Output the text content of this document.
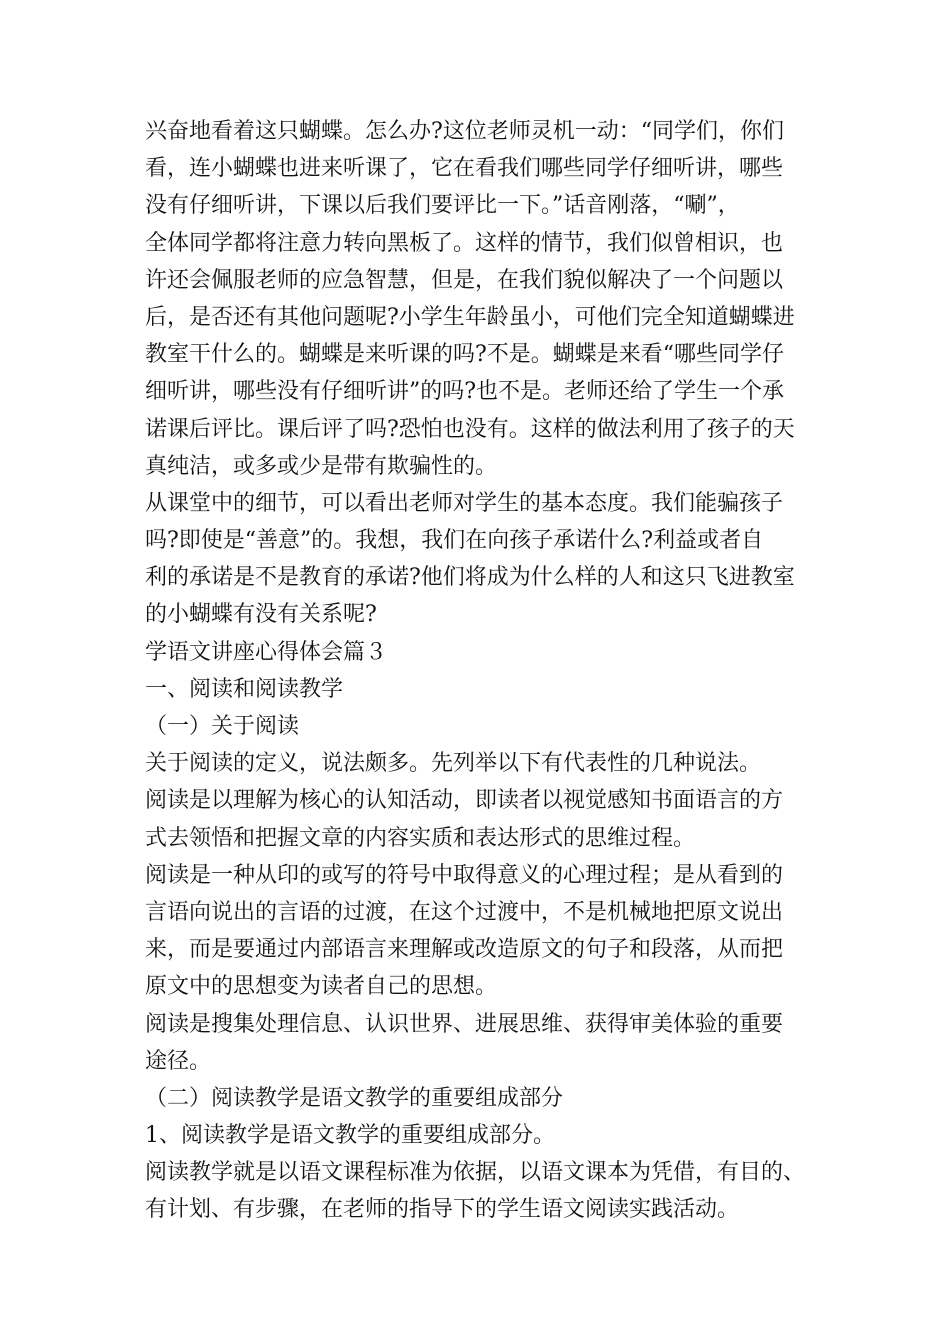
兴奋地看着这只蝴蝶。怎么办?这位老师灵机一动：“同学们，你们
看，连小蝴蝶也进来听课了，它在看我们哪些同学仔细听讲，哪些
没有仔细听讲，下课以后我们要评比一下。”话音刚落，“唰”，
全体同学都将注意力转向黑板了。这样的情节，我们似曾相识，也
许还会佩服老师的应急智慧，但是，在我们貌似解决了一个问题以
后，是否还有其他问题呢?小学生年龄虽小，可他们完全知道蝴蝶进
教室干什么的。蝴蝶是来听课的吗?不是。蝴蝶是来看“哪些同学仔
细听讲，哪些没有仔细听讲”的吗?也不是。老师还给了学生一个承
诺课后评比。课后评了吗?恐怕也没有。这样的做法利用了孩子的天
真纯洁，或多或少是带有欺骗性的。
从课堂中的细节，可以看出老师对学生的基本态度。我们能骗孩子
吗?即使是“善意”的。我想，我们在向孩子承诺什么?利益或者自
利的承诺是不是教育的承诺?他们将成为什么样的人和这只飞进教室
的小蝴蝶有没有关系呢?
学语文讲座心得体会篇３
一、阅读和阅读教学
（一）关于阅读
关于阅读的定义，说法颇多。先列举以下有代表性的几种说法。
阅读是以理解为核心的认知活动，即读者以视觉感知书面语言的方
式去领悟和把握文章的内容实质和表达形式的思维过程。
阅读是一种从印的或写的符号中取得意义的心理过程；是从看到的
言语向说出的言语的过渡，在这个过渡中，不是机械地把原文说出
来，而是要通过内部语言来理解或改造原文的句子和段落，从而把
原文中的思想变为读者自己的思想。
阅读是搜集处理信息、认识世界、进展思维、获得审美体验的重要
途径。
（二）阅读教学是语文教学的重要组成部分
1、阅读教学是语文教学的重要组成部分。
阅读教学就是以语文课程标准为依据，以语文课本为凭借，有目的、
有计划、有步骤，在老师的指导下的学生语文阅读实践活动。
